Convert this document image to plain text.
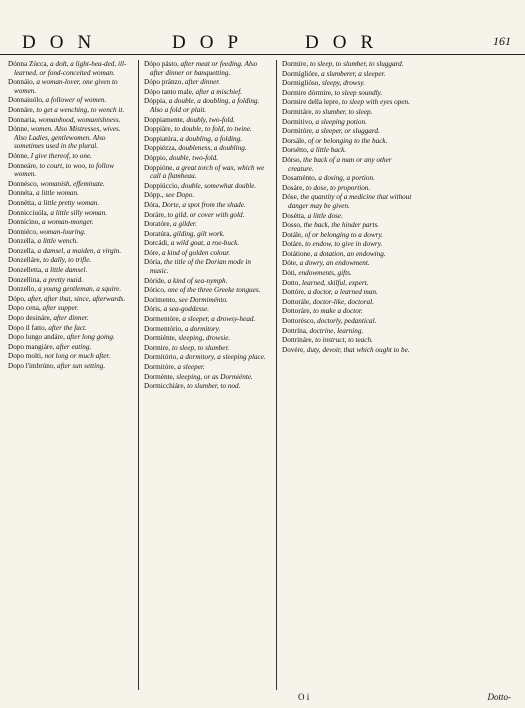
DON	DOP	DOR	161
Dónna Zúcca, a dolt, a light-hea-ded, ill-learned, or fond-conceited woman.
Donnáio, a woman-lover, one given to women.
Donnaiuólo, a follower of women.
Donnáre, to get a wenching, to wench it.
Donnaria, womanhood, womanishness.
Dónne, women. Also Mistresses, wives. Also Ladies, gentlewomen. Also sometimes used in the plural.
Dónne, I give thereof, to one.
Donneáre, to court, to woo, to follow women.
Donnésco, womanish, effeminate.
Donnéta, a little woman.
Donnétta, a little pretty woman.
Donnicciuóla, a little silly woman.
Donnicino, a woman-monger.
Donniéco, woman-louring.
Donzella, a little wench.
Donzella, a damsel, a maiden, a virgin.
Donzelláre, to dally, to trifle.
Donzelletta, a little damsel.
Donzellina, a pretty maid.
Donzello, a young gentleman, a squire.
Dópo, after, after that, since, afterwards.
Dopo cena, after supper.
Dopo desináre, after dinner.
Dopo il fatto, after the fact.
Dopo lungo andáre, after long going.
Dopo mangiáre, after eating.
Dopo molti, not long or much after.
Dopo l'imbrúno, after sun setting.
Dópo pásto, after meat or feeding. Also after dinner or banquetting.
Dópo pránzo, after dinner.
Dópo tanto male, after a mischief.
Dóppia, a double, a doubling, a folding. Also a fold or plait.
Doppiamente, doubly, two-fold.
Doppiáre, to double, to fold, to twine.
Doppiatúra, a doubling, a folding.
Doppiézza, doubleness, a doubling.
Dóppio, double, two-fold.
Doppióne, a great torch of wax, which we call a flambeau.
Doppiúccio, double, somewhat double.
Dópp., see Dopo.
Dóra, Dorte, a spot from the shade.
Doráre, to gild, or cover with gold.
Doratóre, a gilder.
Doratúra, gilding, gilt work.
Dorcádi, a wild goat, a roe-buck.
Dóre, a kind of golden colour.
Dória, the title of the Dorian mode in music.
Dóride, a kind of sea-nymph.
Dórico, one of the three Greeke tongues.
Dorìmento, see Dormiménto.
Dóris, a sea-goddesse.
Dormentóre, a sleeper, a drowsy-head.
Dormentório, a dormitory.
Dormiénte, sleeping, drowsie.
Dormire, to sleep, to slumber.
Dormitório, a dormitory, a sleeping place.
Dormitóre, a sleeper.
Dorménte, sleeping, or as Dormiénte.
Dormicchiáre, to slumber, to nod.
Dormíre, to sleep, to slumber, to sluggard.
Dormíglióre, a slumberer, a sleeper.
Dormiglióso, sleepy, drowsy.
Dormire dórmire, to sleep soundly.
Dormire della lepre, to sleep with eyes open.
Dormitáre, to slumber, to sleep.
Dormitivo, a sleeping potion.
Dormitóre, a sleeper, or sluggard.
Dorsále, of or belonging to the back.
Dorsétto, a little back.
Dórso, the back of a man or any other creature.
Dosaménto, a dosing, a portion.
Dosáre, to dose, to proportion.
Dóse, the quantity of a medicine that without danger may be given.
Dosétta, a little dose.
Dosso, the back, the hinder parts.
Dotále, of or belonging to a dowry.
Dotáre, to endow, to give in dowry.
Dotátione, a dotation, an endowing.
Dóte, a dowry, an endowment.
Dóti, endowments, gifts.
Dotto, learned, skilful, expert.
Dottóre, a doctor, a learned man.
Dottorále, doctor-like, doctoral.
Dottoráre, to make a doctor.
Dottorésco, doctorly, pedantical.
Dottrína, doctrine, learning.
Dottrináre, to instruct, to teach.
Dovére, duty, devoir, that which ought to be.
O i	Dotto-
